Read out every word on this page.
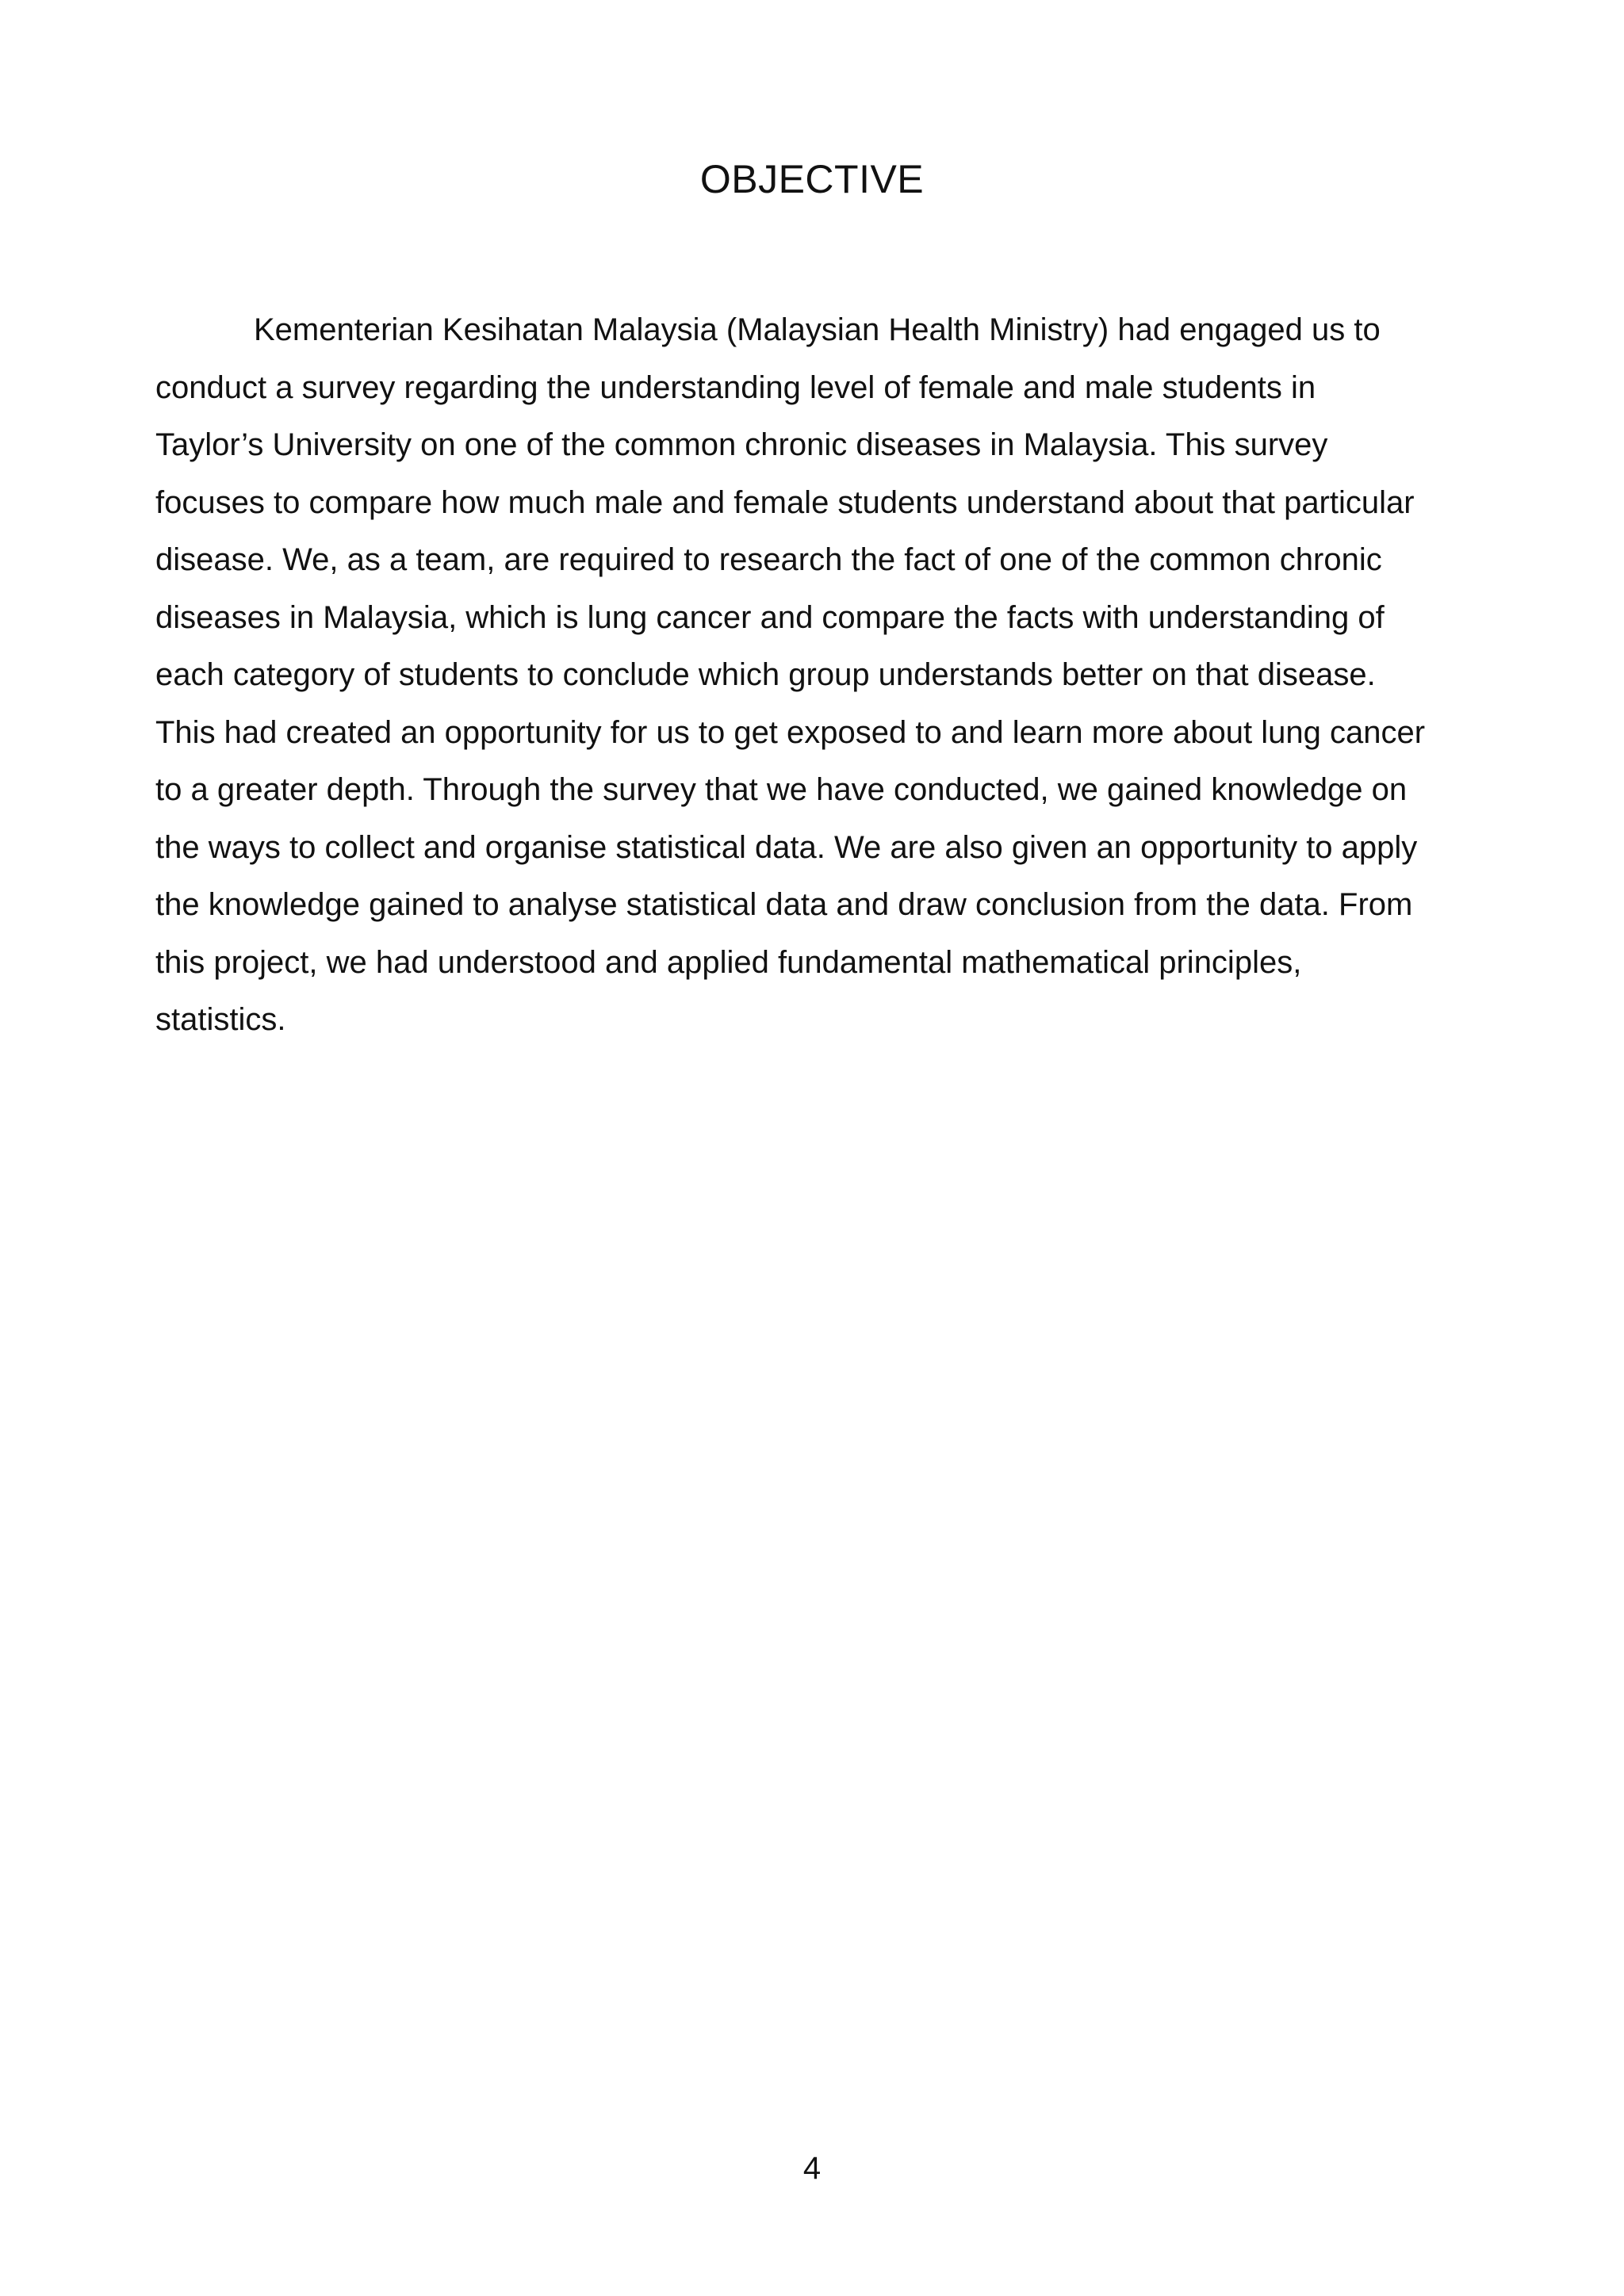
OBJECTIVE
Kementerian Kesihatan Malaysia (Malaysian Health Ministry) had engaged us to
conduct a survey regarding the understanding level of female and male students in
Taylor’s University on one of the common chronic diseases in Malaysia. This survey
focuses to compare how much male and female students understand about that particular
disease. We, as a team, are required to research the fact of one of the common chronic
diseases in Malaysia, which is lung cancer and compare the facts with understanding of
each category of students to conclude which group understands better on that disease.
This had created an opportunity for us to get exposed to and learn more about lung cancer
to a greater depth. Through the survey that we have conducted, we gained knowledge on
the ways to collect and organise statistical data. We are also given an opportunity to apply
the knowledge gained to analyse statistical data and draw conclusion from the data. From
this project, we had understood and applied fundamental mathematical principles,
statistics.
4
